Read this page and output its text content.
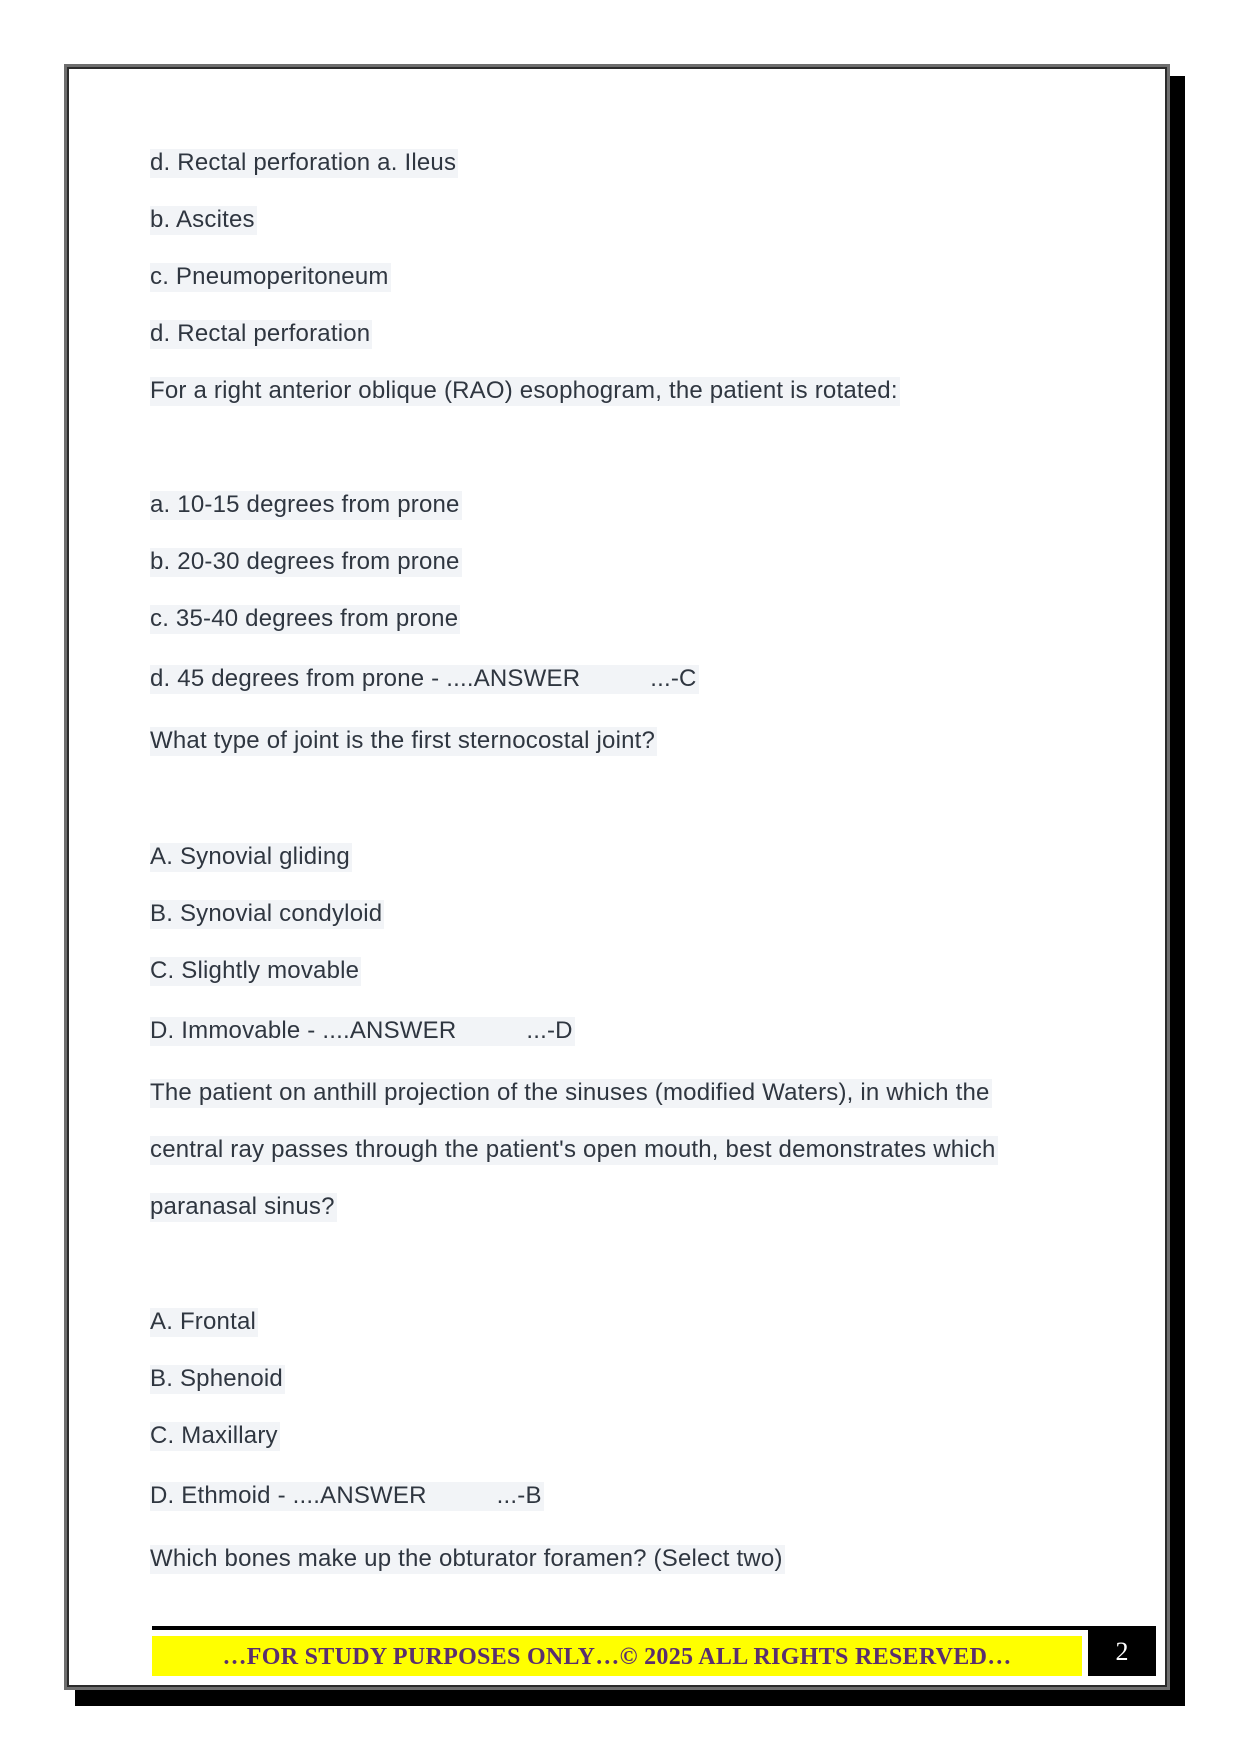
d. Rectal perforation a. Ileus
b. Ascites
c. Pneumoperitoneum
d. Rectal perforation
For a right anterior oblique (RAO) esophogram, the patient is rotated:
a. 10-15 degrees from prone
b. 20-30 degrees from prone
c. 35-40 degrees from prone
d. 45 degrees from prone - ....ANSWER	...-C
What type of joint is the first sternocostal joint?
A. Synovial gliding
B. Synovial condyloid
C. Slightly movable
D. Immovable - ....ANSWER	...-D
The patient on anthill projection of the sinuses (modified Waters), in which the
central ray passes through the patient's open mouth, best demonstrates which
paranasal sinus?
A. Frontal
B. Sphenoid
C. Maxillary
D. Ethmoid - ....ANSWER	...-B
Which bones make up the obturator foramen? (Select two)
…FOR STUDY PURPOSES ONLY…© 2025 ALL RIGHTS RESERVED…	2
